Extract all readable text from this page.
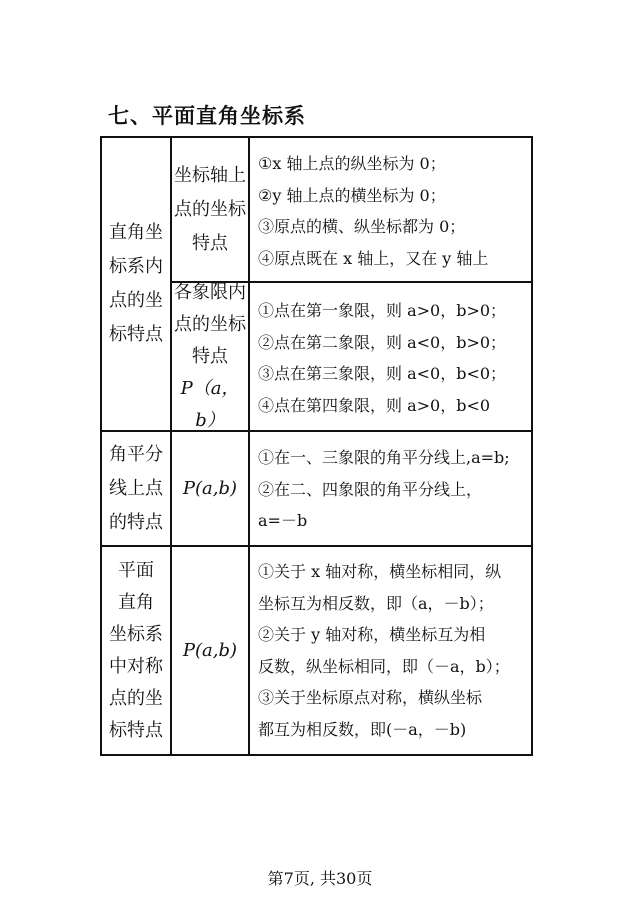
七、平面直角坐标系
直角坐
标系内
点的坐
标特点
坐标轴上
点的坐标
特点
①x 轴上点的纵坐标为 0；
②y 轴上点的横坐标为 0；
③原点的横、纵坐标都为 0；
④原点既在 x 轴上，又在 y 轴上
各象限内
点的坐标
特点
P（a，b）
①点在第一象限，则 a>0，b>0；
②点在第二象限，则 a<0，b>0；
③点在第三象限，则 a<0，b<0；
④点在第四象限，则 a>0，b<0
角平分
线上点
的特点
P(a,b)
①在一、三象限的角平分线上,a=b;
②在二、四象限的角平分线上，
a=－b
平面
直角
坐标系
中对称
点的坐
标特点
P(a,b)
①关于 x 轴对称，横坐标相同，纵
坐标互为相反数，即（a，－b）；
②关于 y 轴对称，横坐标互为相
反数，纵坐标相同，即（－a，b）；
③关于坐标原点对称，横纵坐标
都互为相反数，即(－a，－b)
第7页, 共30页
